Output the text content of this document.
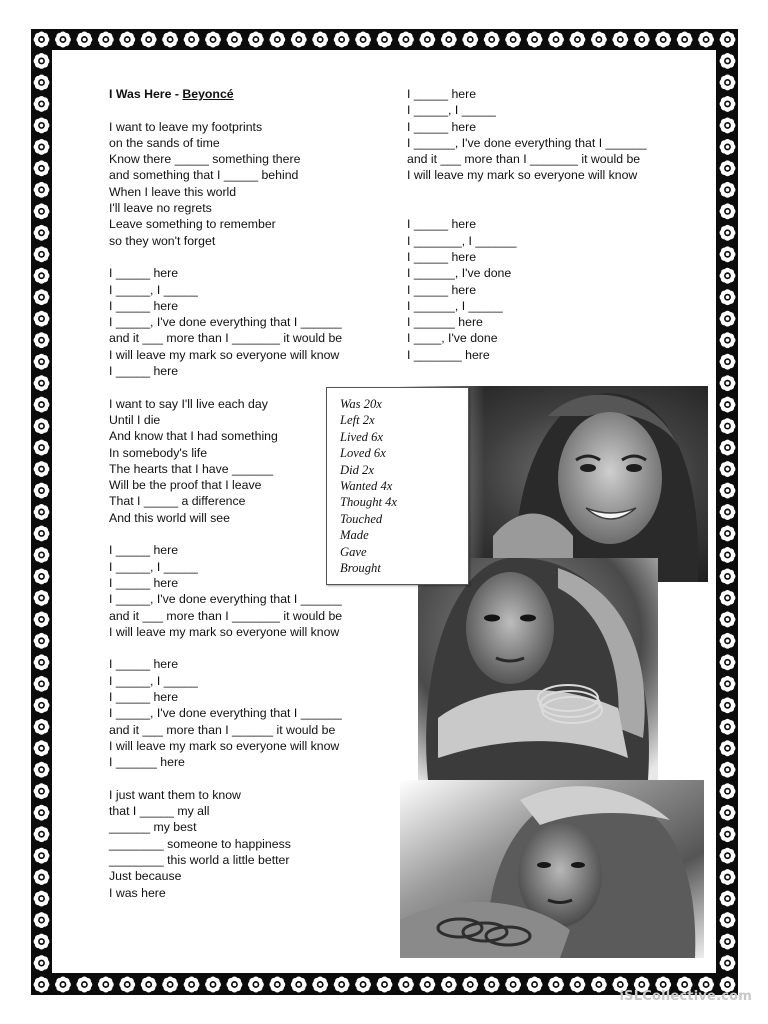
I Was Here - Beyoncé
I want to leave my footprints
on the sands of time
Know there _____ something there
and something that I _____ behind
When I leave this world
I'll leave no regrets
Leave something to remember
so they won't forget
I _____ here
I _____, I _____
I _____ here
I _____, I've done everything that I ______
and it ___ more than I _______ it would be
I will leave my mark so everyone will know
I _____ here
I want to say I'll live each day
Until I die
And know that I had something
In somebody's life
The hearts that I have ______
Will be the proof that I leave
That I _____ a difference
And this world will see
I _____ here
I _____, I _____
I _____ here
I _____, I've done everything that I ______
and it ___ more than I _______ it would be
I will leave my mark so everyone will know
I _____ here
I _____, I _____
I _____ here
I _____, I've done everything that I ______
and it ___ more than I ______ it would be
I will leave my mark so everyone will know
I ______ here
I just want them to know
that I _____ my all
______ my best
________ someone to happiness
________ this world a little better
Just because
I was here
I _____ here
I _____, I _____
I _____ here
I ______, I've done everything that I ______
and it ___ more than I _______ it would be
I will leave my mark so everyone will know
I _____ here
I _______, I ______
I _____ here
I ______, I've done
I _____ here
I ______, I _____
I ______ here
I ____, I've done
I _______ here
Was 20x
Left 2x
Lived 6x
Loved 6x
Did 2x
Wanted 4x
Thought 4x
Touched
Made
Gave
Brought
iSLCollective.com
